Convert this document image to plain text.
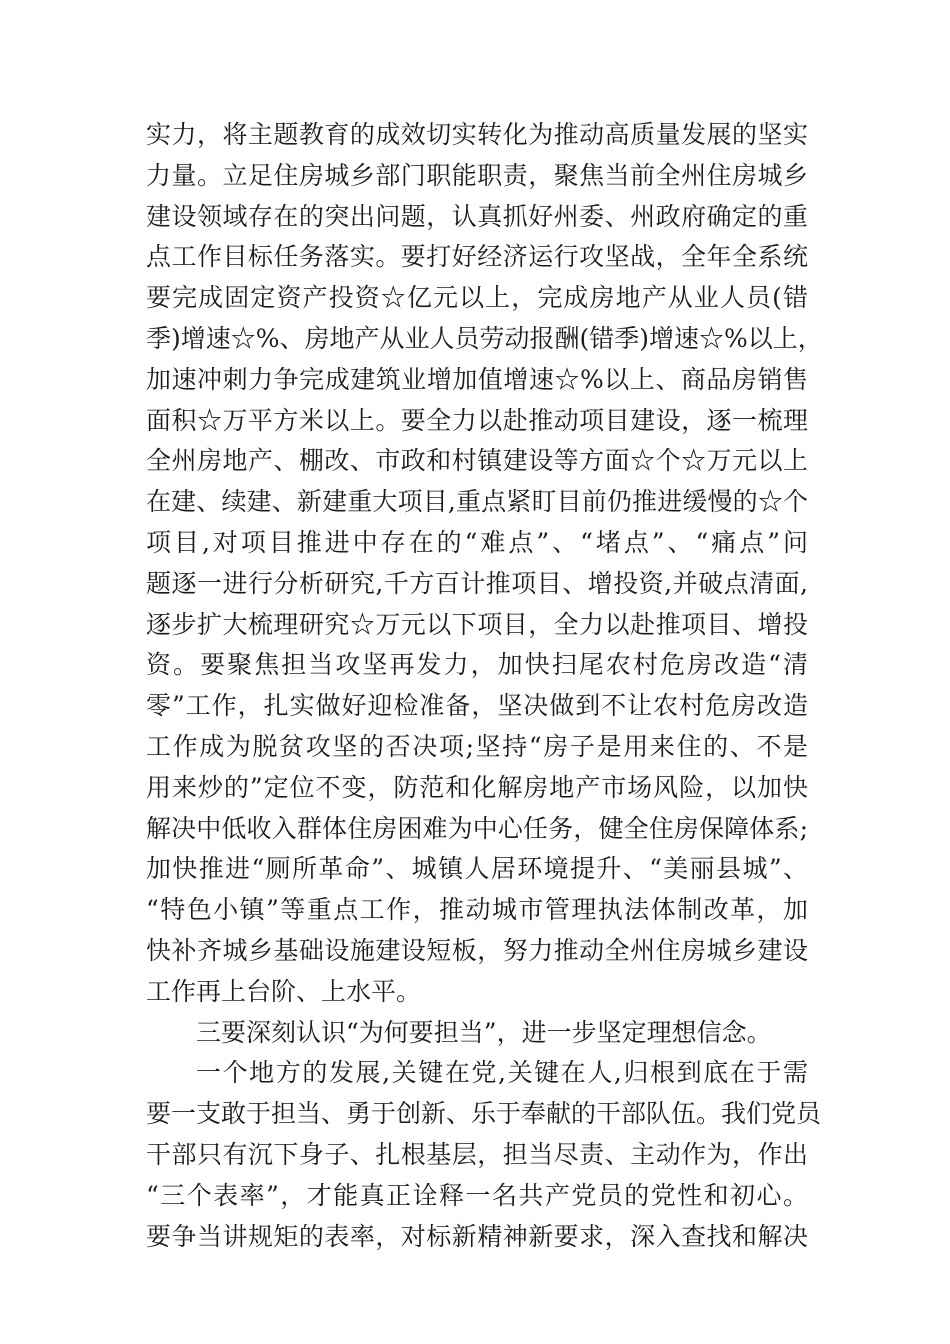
实力，将主题教育的成效切实转化为推动高质量发展的坚实
力量。立足住房城乡部门职能职责，聚焦当前全州住房城乡
建设领域存在的突出问题，认真抓好州委、州政府确定的重
点工作目标任务落实。要打好经济运行攻坚战，全年全系统
要完成固定资产投资☆亿元以上，完成房地产从业人员(错
季)增速☆%、房地产从业人员劳动报酬(错季)增速☆%以上，
加速冲刺力争完成建筑业增加值增速☆%以上、商品房销售
面积☆万平方米以上。要全力以赴推动项目建设，逐一梳理
全州房地产、棚改、市政和村镇建设等方面☆个☆万元以上
在建、续建、新建重大项目,重点紧盯目前仍推进缓慢的☆个
项目,对项目推进中存在的“难点”、“堵点”、“痛点”问
题逐一进行分析研究,千方百计推项目、增投资,并破点清面,
逐步扩大梳理研究☆万元以下项目，全力以赴推项目、增投
资。要聚焦担当攻坚再发力，加快扫尾农村危房改造“清
零”工作，扎实做好迎检准备，坚决做到不让农村危房改造
工作成为脱贫攻坚的否决项;坚持“房子是用来住的、不是
用来炒的”定位不变，防范和化解房地产市场风险，以加快
解决中低收入群体住房困难为中心任务，健全住房保障体系;
加快推进“厕所革命”、城镇人居环境提升、“美丽县城”、
“特色小镇”等重点工作，推动城市管理执法体制改革，加
快补齐城乡基础设施建设短板，努力推动全州住房城乡建设
工作再上台阶、上水平。
三要深刻认识“为何要担当”，进一步坚定理想信念。
一个地方的发展,关键在党,关键在人,归根到底在于需
要一支敢于担当、勇于创新、乐于奉献的干部队伍。我们党员
干部只有沉下身子、扎根基层，担当尽责、主动作为，作出
“三个表率”，才能真正诠释一名共产党员的党性和初心。
要争当讲规矩的表率，对标新精神新要求，深入查找和解决
